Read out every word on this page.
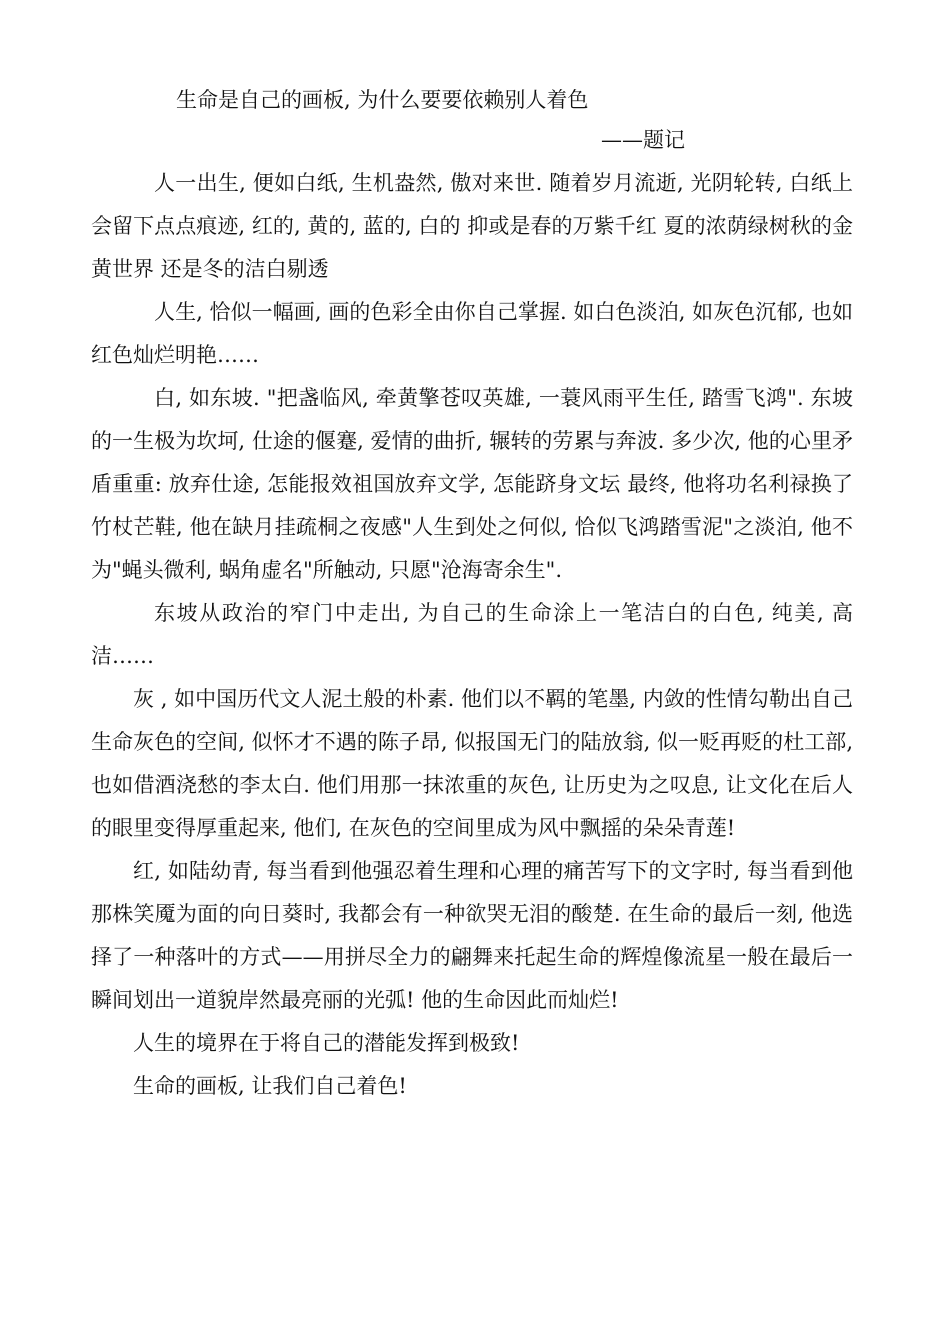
生命是自己的画板, 为什么要要依赖别人着色

——题记

人一出生, 便如白纸, 生机盎然, 傲对来世. 随着岁月流逝, 光阴轮转, 白纸上会留下点点痕迹, 红的, 黄的, 蓝的, 白的 抑或是春的万紫千红 夏的浓荫绿树秋的金黄世界 还是冬的洁白剔透

人生, 恰似一幅画, 画的色彩全由你自己掌握. 如白色淡泊, 如灰色沉郁, 也如红色灿烂明艳……

白, 如东坡. "把盏临风, 牵黄擎苍叹英雄, 一蓑风雨平生任, 踏雪飞鸿". 东坡的一生极为坎坷, 仕途的偃蹇, 爱情的曲折, 辗转的劳累与奔波. 多少次, 他的心里矛盾重重: 放弃仕途, 怎能报效祖国放弃文学, 怎能跻身文坛 最终, 他将功名利禄换了竹杖芒鞋, 他在缺月挂疏桐之夜感"人生到处之何似, 恰似飞鸿踏雪泥"之淡泊, 他不为"蝇头微利, 蜗角虚名"所触动, 只愿"沧海寄余生".

东坡从政治的窄门中走出, 为自己的生命涂上一笔洁白的白色, 纯美, 高洁……

灰 , 如中国历代文人泥土般的朴素. 他们以不羁的笔墨, 内敛的性情勾勒出自己生命灰色的空间, 似怀才不遇的陈子昂, 似报国无门的陆放翁, 似一贬再贬的杜工部, 也如借酒浇愁的李太白. 他们用那一抹浓重的灰色, 让历史为之叹息, 让文化在后人的眼里变得厚重起来, 他们, 在灰色的空间里成为风中飘摇的朵朵青莲!

红, 如陆幼青, 每当看到他强忍着生理和心理的痛苦写下的文字时, 每当看到他那株笑魇为面的向日葵时, 我都会有一种欲哭无泪的酸楚. 在生命的最后一刻, 他选择了一种落叶的方式——用拼尽全力的翩舞来托起生命的辉煌像流星一般在最后一瞬间划出一道貌岸然最亮丽的光弧! 他的生命因此而灿烂!

人生的境界在于将自己的潜能发挥到极致!

生命的画板, 让我们自己着色!
